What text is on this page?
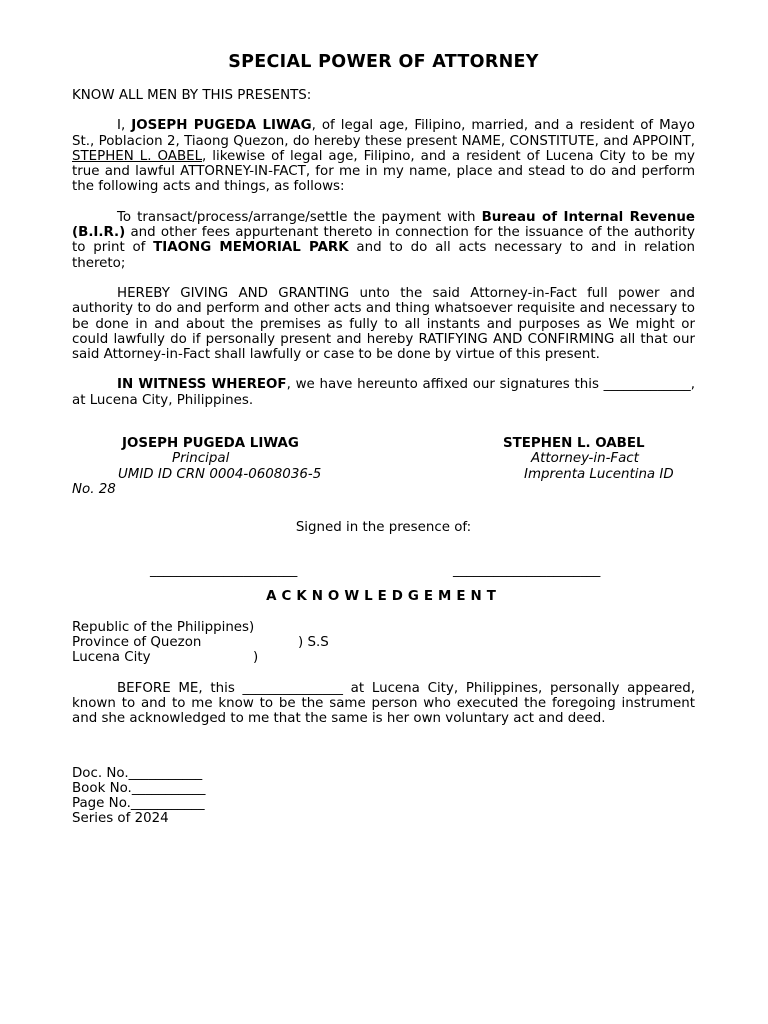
SPECIAL POWER OF ATTORNEY

KNOW ALL MEN BY THIS PRESENTS:

I, JOSEPH PUGEDA LIWAG, of legal age, Filipino, married, and a resident of Mayo St., Poblacion 2, Tiaong Quezon, do hereby these present NAME, CONSTITUTE, and APPOINT, STEPHEN L. OABEL, likewise of legal age, Filipino, and a resident of Lucena City to be my true and lawful ATTORNEY-IN-FACT, for me in my name, place and stead to do and perform the following acts and things, as follows:

To transact/process/arrange/settle the payment with Bureau of Internal Revenue (B.I.R.) and other fees appurtenant thereto in connection for the issuance of the authority to print of TIAONG MEMORIAL PARK and to do all acts necessary to and in relation thereto;

HEREBY GIVING AND GRANTING unto the said Attorney-in-Fact full power and authority to do and perform and other acts and thing whatsoever requisite and necessary to be done in and about the premises as fully to all instants and purposes as We might or could lawfully do if personally present and hereby RATIFYING AND CONFIRMING all that our said Attorney-in-Fact shall lawfully or case to be done by virtue of this present.

IN WITNESS WHEREOF, we have hereunto affixed our signatures this _____________, at Lucena City, Philippines.

JOSEPH PUGEDA LIWAG
Principal
UMID ID CRN 0004-0608036-5
STEPHEN L. OABEL
Attorney-in-Fact
Imprenta Lucentina ID
No. 28
Signed in the presence of:
______________________	______________________
ACKNOWLEDGEMENT
Republic of the Philippines)
Province of Quezon	) S.S
Lucena City	)

BEFORE ME, this _______________ at Lucena City, Philippines, personally appeared, known to and to me know to be the same person who executed the foregoing instrument and she acknowledged to me that the same is her own voluntary act and deed.

Doc. No.___________
Book No.___________
Page No.___________
Series of 2024
